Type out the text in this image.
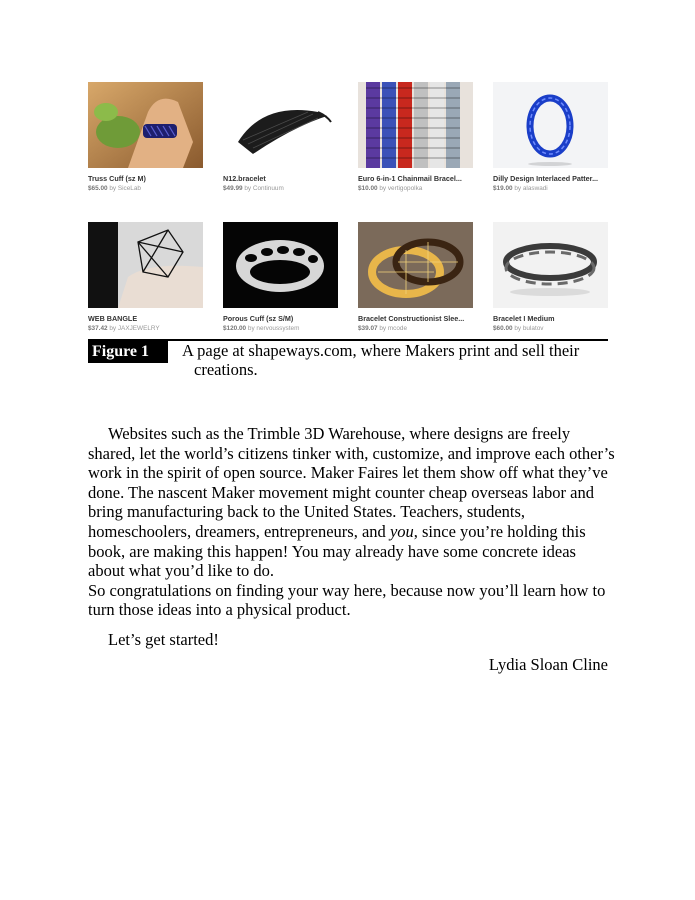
Truss Cuff (sz M)
$65.00 by SiceLab
N12.bracelet
$49.99 by Continuum
Euro 6-in-1 Chainmail Bracel...
$10.00 by vertigopolka
Dilly Design Interlaced Patter...
$19.00 by alaswadi
WEB BANGLE
$37.42 by JAXJEWELRY
Porous Cuff (sz S/M)
$120.00 by nervoussystem
Bracelet Constructionist Slee...
$39.07 by mcode
Bracelet I Medium
$60.00 by bulatov
Figure 1	A page at shapeways.com, where Makers print and sell their creations.

Websites such as the Trimble 3D Warehouse, where designs are freely shared, let the world’s citizens tinker with, customize, and improve each other’s work in the spirit of open source. Maker Faires let them show off what they’ve done. The nascent Maker movement might counter cheap overseas labor and bring manufacturing back to the United States. Teachers, students, homeschoolers, dreamers, entrepreneurs, and you, since you’re holding this book, are making this happen! You may already have some concrete ideas about what you’d like to do.

So congratulations on finding your way here, because now you’ll learn how to turn those ideas into a physical product.

Let’s get started!

Lydia Sloan Cline
